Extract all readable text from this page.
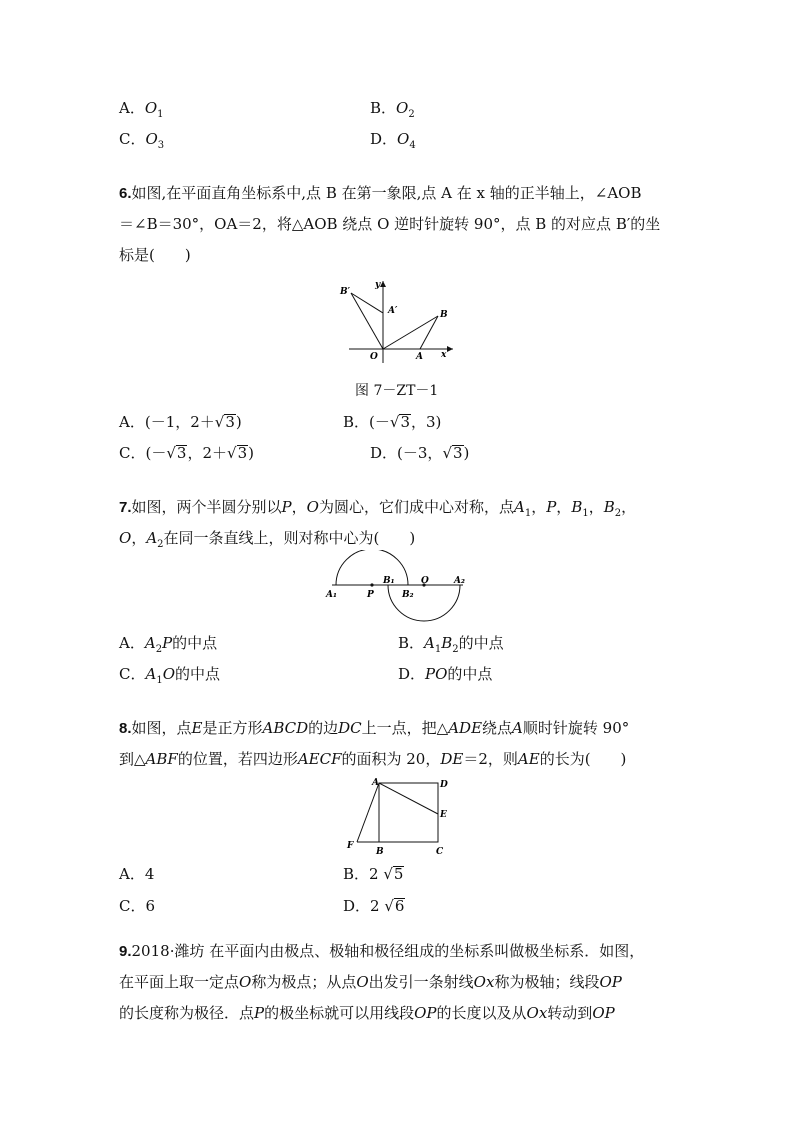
A．$O_1$	B．$O_2$
C．$O_3$	D．$O_4$
6.如图,在平面直角坐标系中,点 B 在第一象限,点 A 在 x 轴的正半轴上，∠AOB
＝∠B＝30°，OA＝2，将△AOB 绕点 O 逆时针旋转 90°，点 B 的对应点 B′的坐
标是(　　)
B′
y
A′	B
O	A x
图 7－ZT－1
A．(－1，2＋√3)	B．(－√3，3)
C．(－√3，2＋√3)	D．(－3，√3)
7.如图，两个半圆分别以P，O为圆心，它们成中心对称，点$A_1$，P，$B_1$，$B_2$，
O，$A_2$在同一条直线上，则对称中心为(　　)
A₁	P
B₁
B₂
O	A₂
A．$A_2P$的中点	B．$A_1B_2$的中点
C．$A_1O$的中点	D．PO的中点
8.如图，点E是正方形ABCD的边DC上一点，把△ADE绕点A顺时针旋转 90°
到△ABF的位置，若四边形AECF的面积为 20，DE＝2，则AE的长为(　　)
A	D
E
F
B	C
A．4	B．2 √5
C．6	D．2 √6
9.2018·潍坊 在平面内由极点、极轴和极径组成的坐标系叫做极坐标系．如图，
在平面上取一定点O称为极点；从点O出发引一条射线Ox称为极轴；线段OP
的长度称为极径．点P的极坐标就可以用线段OP的长度以及从Ox转动到OP
